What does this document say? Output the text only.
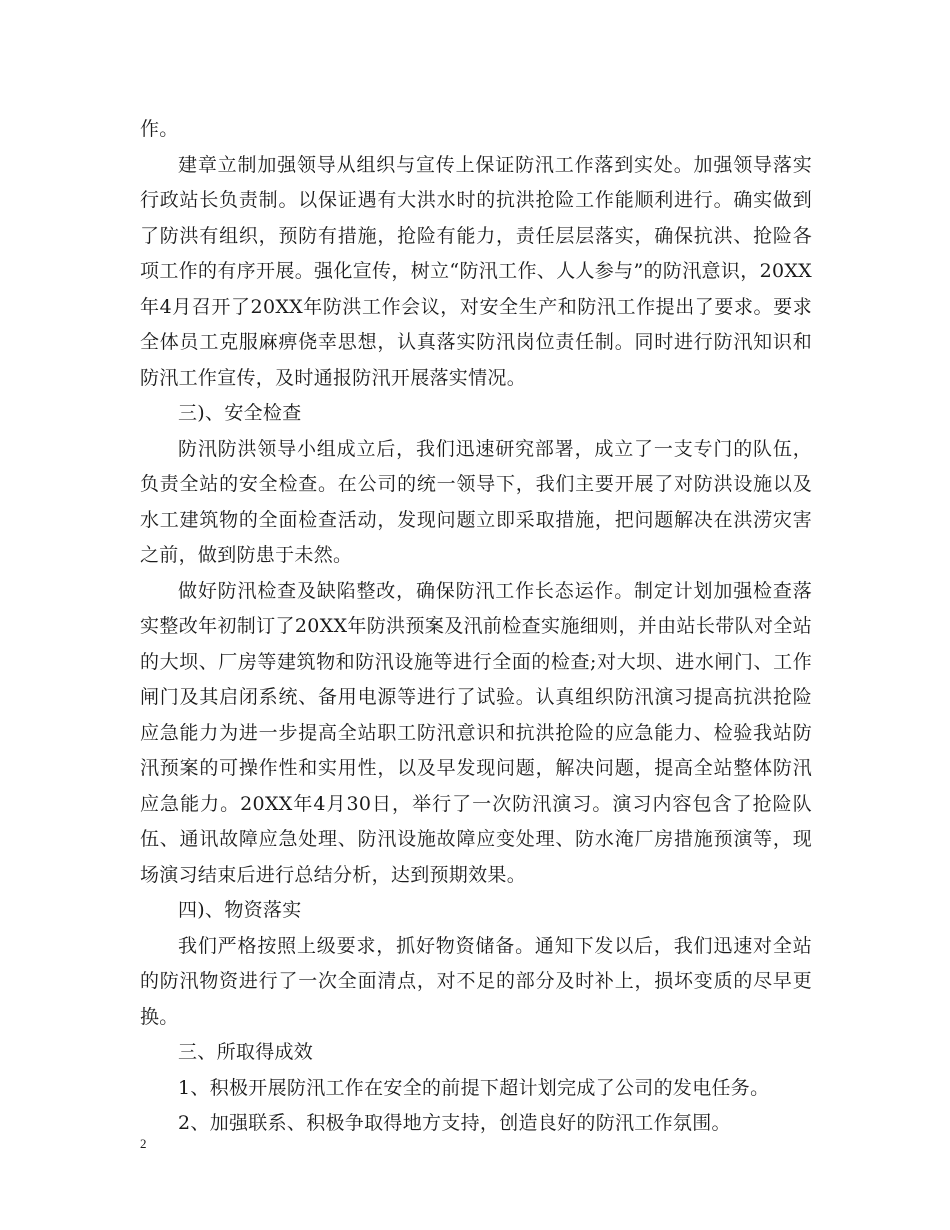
作。

建章立制加强领导从组织与宣传上保证防汛工作落到实处。加强领导落实行政站长负责制。以保证遇有大洪水时的抗洪抢险工作能顺利进行。确实做到了防洪有组织，预防有措施，抢险有能力，责任层层落实，确保抗洪、抢险各项工作的有序开展。强化宣传，树立“防汛工作、人人参与”的防汛意识，20XX年4月召开了20XX年防洪工作会议，对安全生产和防汛工作提出了要求。要求全体员工克服麻痹侥幸思想，认真落实防汛岗位责任制。同时进行防汛知识和防汛工作宣传，及时通报防汛开展落实情况。

三)、安全检查

防汛防洪领导小组成立后，我们迅速研究部署，成立了一支专门的队伍，负责全站的安全检查。在公司的统一领导下，我们主要开展了对防洪设施以及水工建筑物的全面检查活动，发现问题立即采取措施，把问题解决在洪涝灾害之前，做到防患于未然。

做好防汛检查及缺陷整改，确保防汛工作长态运作。制定计划加强检查落实整改年初制订了20XX年防洪预案及汛前检查实施细则，并由站长带队对全站的大坝、厂房等建筑物和防汛设施等进行全面的检查;对大坝、进水闸门、工作闸门及其启闭系统、备用电源等进行了试验。认真组织防汛演习提高抗洪抢险应急能力为进一步提高全站职工防汛意识和抗洪抢险的应急能力、检验我站防汛预案的可操作性和实用性，以及早发现问题，解决问题，提高全站整体防汛应急能力。20XX年4月30日，举行了一次防汛演习。演习内容包含了抢险队伍、通讯故障应急处理、防汛设施故障应变处理、防水淹厂房措施预演等，现场演习结束后进行总结分析，达到预期效果。

四)、物资落实

我们严格按照上级要求，抓好物资储备。通知下发以后，我们迅速对全站的防汛物资进行了一次全面清点，对不足的部分及时补上，损坏变质的尽早更换。

三、所取得成效

1、积极开展防汛工作在安全的前提下超计划完成了公司的发电任务。

2、加强联系、积极争取得地方支持，创造良好的防汛工作氛围。

2
